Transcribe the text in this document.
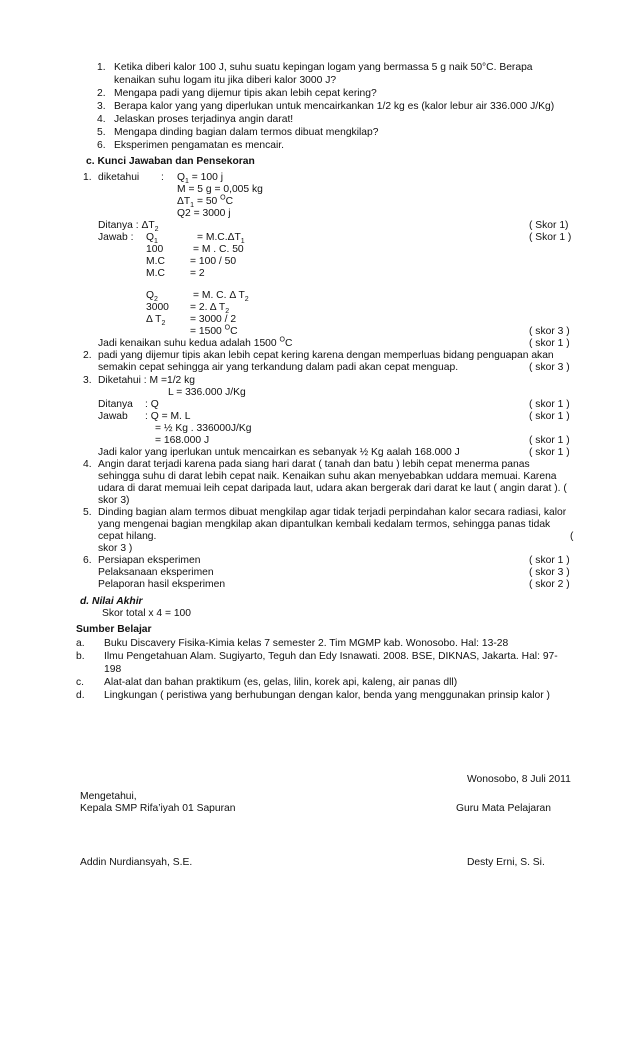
1. Ketika diberi kalor 100 J, suhu suatu kepingan logam yang bermassa 5 g naik 50°C. Berapa
kenaikan suhu logam itu jika diberi kalor 3000 J?
2. Mengapa padi yang dijemur tipis akan lebih cepat kering?
3. Berapa kalor yang yang diperlukan untuk mencairkankan 1/2 kg es (kalor lebur air 336.000 J/Kg)
4. Jelaskan proses terjadinya angin darat!
5. Mengapa dinding bagian dalam termos dibuat mengkilap?
6. Eksperimen pengamatan es mencair.
c. Kunci Jawaban dan Pensekoran
1. diketahui : $Q_1 = 100$ j
M = 5 g = 0,005 kg
$\Delta T_1 = 50$ $^O$C
Q2 = 3000 j
Ditanya : $\Delta T_2$	( Skor 1)
Jawab : $Q_1$	= $M.C.\Delta T_1$	( Skor 1 )
100	= M . C. 50
M.C = 100 / 50
M.C = 2
$Q_2$	= M. C. Δ $T_2$
3000 = 2. Δ $T_2$
Δ $T_2 = 3000 / 2$
= 1500 $^O$C	( skor 3 )
Jadi kenaikan suhu kedua adalah 1500 $^O$C	( skor 1 )
2. padi yang dijemur tipis akan lebih cepat kering karena dengan memperluas bidang penguapan akan
semakin cepat sehingga air yang terkandung dalam padi akan cepat menguap.	( skor 3 )
3. Diketahui : M =1/2 kg
L = 336.000 J/Kg
Ditanya : Q	( skor 1 )
Jawab : Q = M. L	( skor 1 )
= ½ Kg . 336000J/Kg
= 168.000 J	( skor 1 )
Jadi kalor yang iperlukan untuk mencairkan es sebanyak ½ Kg aalah 168.000 J	( skor 1 )
4. Angin darat terjadi karena pada siang hari darat ( tanah dan batu ) lebih cepat menerma panas
sehingga suhu di darat lebih cepat naik. Kenaikan suhu akan menyebabkan uddara memuai. Karena
udara di darat memuai leih cepat daripada laut, udara akan bergerak dari darat ke laut ( angin darat ). (
skor 3)
5. Dinding bagian alam termos dibuat mengkilap agar tidak terjadi perpindahan kalor secara radiasi, kalor
yang mengenai bagian mengkilap akan dipantulkan kembali kedalam termos, sehingga panas tidak
cepat hilang.	(
skor 3 )
6. Persiapan eksperimen	( skor 1 )
Pelaksanaan eksperimen	( skor 3 )
Pelaporan hasil eksperimen	( skor 2 )
d. Nilai Akhir
Skor total x 4 = 100
Sumber Belajar
a. Buku Discavery Fisika-Kimia kelas 7 semester 2. Tim MGMP kab. Wonosobo. Hal: 13-28
b. Ilmu Pengetahuan Alam. Sugiyarto, Teguh dan Edy Isnawati. 2008. BSE, DIKNAS, Jakarta. Hal: 97-
198
c. Alat-alat dan bahan praktikum (es, gelas, lilin, korek api, kaleng, air panas dll)
d. Lingkungan ( peristiwa yang berhubungan dengan kalor, benda yang menggunakan prinsip kalor )
Wonosobo, 8 Juli 2011
Mengetahui,
Kepala SMP Rifa’iyah 01 Sapuran	Guru Mata Pelajaran
Addin Nurdiansyah, S.E.	Desty Erni, S. Si.
